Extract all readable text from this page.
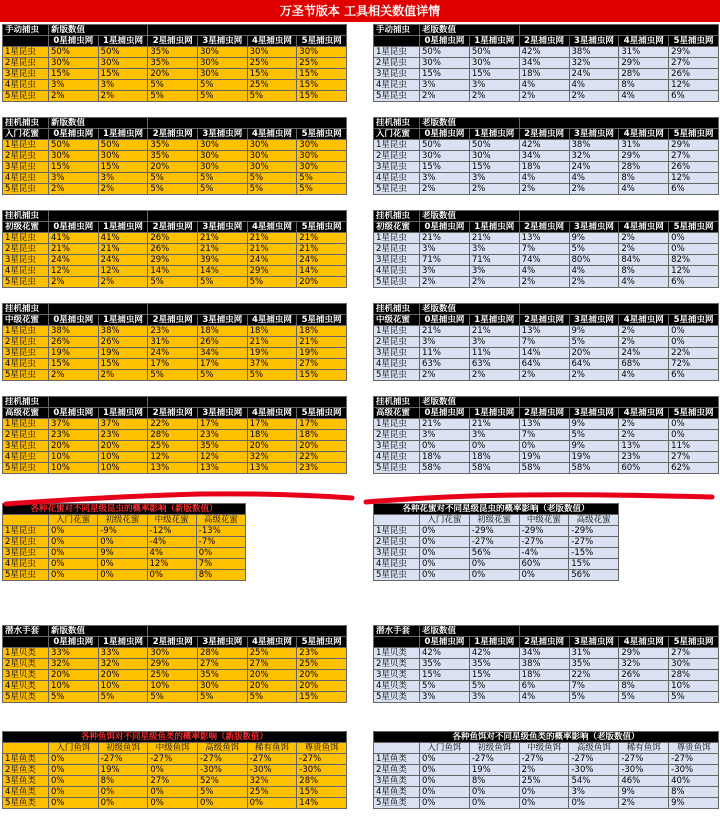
万圣节版本 工具相关数值详情
手动捕虫	新版数值					
	0星捕虫网	1星捕虫网	2星捕虫网	3星捕虫网	4星捕虫网	5星捕虫网
1星昆虫	50%	50%	35%	30%	30%	30%
2星昆虫	30%	30%	35%	30%	25%	25%
3星昆虫	15%	15%	20%	30%	15%	15%
4星昆虫	3%	3%	5%	5%	25%	15%
5星昆虫	2%	2%	5%	5%	5%	15%
挂机捕虫	新版数值					
入门花蜜	0星捕虫网	1星捕虫网	2星捕虫网	3星捕虫网	4星捕虫网	5星捕虫网
1星昆虫	50%	50%	35%	30%	30%	30%
2星昆虫	30%	30%	35%	30%	30%	30%
3星昆虫	15%	15%	20%	30%	30%	30%
4星昆虫	3%	3%	5%	5%	5%	5%
5星昆虫	2%	2%	5%	5%	5%	5%
挂机捕虫						
初级花蜜	0星捕虫网	1星捕虫网	2星捕虫网	3星捕虫网	4星捕虫网	5星捕虫网
1星昆虫	41%	41%	26%	21%	21%	21%
2星昆虫	21%	21%	26%	21%	21%	21%
3星昆虫	24%	24%	29%	39%	24%	24%
4星昆虫	12%	12%	14%	14%	29%	14%
5星昆虫	2%	2%	5%	5%	5%	20%
挂机捕虫						
中级花蜜	0星捕虫网	1星捕虫网	2星捕虫网	3星捕虫网	4星捕虫网	5星捕虫网
1星昆虫	38%	38%	23%	18%	18%	18%
2星昆虫	26%	26%	31%	26%	21%	21%
3星昆虫	19%	19%	24%	34%	19%	19%
4星昆虫	15%	15%	17%	17%	37%	27%
5星昆虫	2%	2%	5%	5%	5%	15%
挂机捕虫						
高级花蜜	0星捕虫网	1星捕虫网	2星捕虫网	3星捕虫网	4星捕虫网	5星捕虫网
1星昆虫	37%	37%	22%	17%	17%	17%
2星昆虫	23%	23%	28%	23%	18%	18%
3星昆虫	20%	20%	25%	35%	20%	20%
4星昆虫	10%	10%	12%	12%	32%	22%
5星昆虫	10%	10%	13%	13%	13%	23%
手动捕虫	老版数值					
	0星捕虫网	1星捕虫网	2星捕虫网	3星捕虫网	4星捕虫网	5星捕虫网
1星昆虫	50%	50%	42%	38%	31%	29%
2星昆虫	30%	30%	34%	32%	29%	27%
3星昆虫	15%	15%	18%	24%	28%	26%
4星昆虫	3%	3%	4%	4%	8%	12%
5星昆虫	2%	2%	2%	2%	4%	6%
挂机捕虫	老版数值					
入门花蜜	0星捕虫网	1星捕虫网	2星捕虫网	3星捕虫网	4星捕虫网	5星捕虫网
1星昆虫	50%	50%	42%	38%	31%	29%
2星昆虫	30%	30%	34%	32%	29%	27%
3星昆虫	15%	15%	18%	24%	28%	26%
4星昆虫	3%	3%	4%	4%	8%	12%
5星昆虫	2%	2%	2%	2%	4%	6%
挂机捕虫	老版数值					
初级花蜜	0星捕虫网	1星捕虫网	2星捕虫网	3星捕虫网	4星捕虫网	5星捕虫网
1星昆虫	21%	21%	13%	9%	2%	0%
2星昆虫	3%	3%	7%	5%	2%	0%
3星昆虫	71%	71%	74%	80%	84%	82%
4星昆虫	3%	3%	4%	4%	8%	12%
5星昆虫	2%	2%	2%	2%	4%	6%
挂机捕虫	老版数值					
中级花蜜	0星捕虫网	1星捕虫网	2星捕虫网	3星捕虫网	4星捕虫网	5星捕虫网
1星昆虫	21%	21%	13%	9%	2%	0%
2星昆虫	3%	3%	7%	5%	2%	0%
3星昆虫	11%	11%	14%	20%	24%	22%
4星昆虫	63%	63%	64%	64%	68%	72%
5星昆虫	2%	2%	2%	2%	4%	6%
挂机捕虫	老版数值					
高级花蜜	0星捕虫网	1星捕虫网	2星捕虫网	3星捕虫网	4星捕虫网	5星捕虫网
1星昆虫	21%	21%	13%	9%	2%	0%
2星昆虫	3%	3%	7%	5%	2%	0%
3星昆虫	0%	0%	0%	9%	13%	11%
4星昆虫	18%	18%	19%	19%	23%	27%
5星昆虫	58%	58%	58%	58%	60%	62%
各种花蜜对不同星级昆虫的概率影响（新版数值）				
	入门花蜜	初级花蜜	中级花蜜	高级花蜜
1星昆虫	0%	-9%	-12%	-13%
2星昆虫	0%	0%	-4%	-7%
3星昆虫	0%	9%	4%	0%
4星昆虫	0%	0%	12%	7%
5星昆虫	0%	0%	0%	8%
各种花蜜对不同星级昆虫的概率影响（老版数值）				
	入门花蜜	初级花蜜	中级花蜜	高级花蜜
1星昆虫	0%	-29%	-29%	-29%
2星昆虫	0%	-27%	-27%	-27%
3星昆虫	0%	56%	-4%	-15%
4星昆虫	0%	0%	60%	15%
5星昆虫	0%	0%	0%	56%
潜水手套	新版数值					
	0星捕虫网	1星捕虫网	2星捕虫网	3星捕虫网	4星捕虫网	5星捕虫网
1星贝类	33%	33%	30%	28%	25%	23%
2星贝类	32%	32%	29%	27%	27%	25%
3星贝类	20%	20%	25%	35%	20%	20%
4星贝类	10%	10%	10%	30%	20%	20%
5星贝类	5%	5%	5%	5%	5%	15%
潜水手套	老版数值					
	0星捕虫网	1星捕虫网	2星捕虫网	3星捕虫网	4星捕虫网	5星捕虫网
1星贝类	42%	42%	34%	31%	29%	27%
2星贝类	35%	35%	38%	35%	32%	30%
3星贝类	15%	15%	18%	22%	26%	28%
4星贝类	5%	5%	6%	7%	8%	10%
5星贝类	3%	3%	4%	5%	5%	5%
各种鱼饵对不同星级鱼类的概率影响（新版数值）						
	入门鱼饵	初级鱼饵	中级鱼饵	高级鱼饵	稀有鱼饵	尊贵鱼饵
1星鱼类	0%	-27%	-27%	-27%	-27%	-27%
2星鱼类	0%	19%	0%	-30%	-30%	-30%
3星鱼类	0%	8%	27%	52%	32%	28%
4星鱼类	0%	0%	0%	5%	25%	15%
5星鱼类	0%	0%	0%	0%	0%	14%
各种鱼饵对不同星级鱼类的概率影响（老版数值）						
	入门鱼饵	初级鱼饵	中级鱼饵	高级鱼饵	稀有鱼饵	尊贵鱼饵
1星鱼类	0%	-27%	-27%	-27%	-27%	-27%
2星鱼类	0%	19%	2%	-30%	-30%	-30%
3星鱼类	0%	8%	25%	54%	46%	40%
4星鱼类	0%	0%	0%	3%	9%	8%
5星鱼类	0%	0%	0%	0%	2%	9%
